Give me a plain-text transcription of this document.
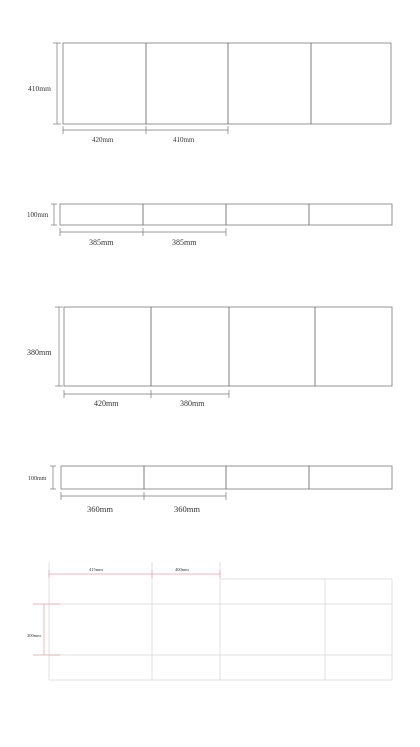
410mm
420mm	410mm
100mm
385mm	385mm
380mm
420mm	380mm
100mm
360mm	360mm
415mm	400mm
300mm
